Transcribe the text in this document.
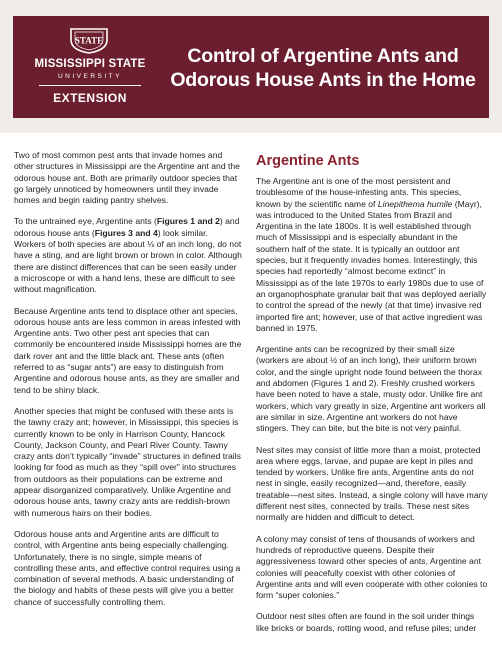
STATE
MISSISSIPPI STATE
UNIVERSITY
EXTENSION
Control of Argentine Ants and
Odorous House Ants in the Home

Two of most common pest ants that invade homes and other structures in Mississippi are the Argentine ant and the odorous house ant. Both are primarily outdoor species that go largely unnoticed by homeowners until they invade homes and begin raiding pantry shelves.

To the untrained eye, Argentine ants (Figures 1 and 2) and odorous house ants (Figures 3 and 4) look similar. Workers of both species are about ⅛ of an inch long, do not have a sting, and are light brown or brown in color. Although there are distinct differences that can be seen easily under a microscope or with a hand lens, these are difficult to see without magnification.

Because Argentine ants tend to displace other ant species, odorous house ants are less common in areas infested with Argentine ants. Two other pest ant species that can commonly be encountered inside Mississippi homes are the dark rover ant and the little black ant. These ants (often referred to as “sugar ants”) are easy to distinguish from Argentine and odorous house ants, as they are smaller and tend to be shiny black.

Another species that might be confused with these ants is the tawny crazy ant; however, in Mississippi, this species is currently known to be only in Harrison County, Hancock County, Jackson County, and Pearl River County. Tawny crazy ants don’t typically “invade” structures in defined trails looking for food as much as they “spill over” into structures from outdoors as their populations can be extreme and appear disorganized comparatively. Unlike Argentine and odorous house ants, tawny crazy ants are reddish-brown with numerous hairs on their bodies.

Odorous house ants and Argentine ants are difficult to control, with Argentine ants being especially challenging. Unfortunately, there is no single, simple means of controlling these ants, and effective control requires using a combination of several methods. A basic understanding of the biology and habits of these pests will give you a better chance of successfully controlling them.

Argentine Ants

The Argentine ant is one of the most persistent and troublesome of the house-infesting ants. This species, known by the scientific name of Linepithema humile (Mayr), was introduced to the United States from Brazil and Argentina in the late 1800s. It is well established through much of Mississippi and is especially abundant in the southern half of the state. It is typically an outdoor ant species, but it frequently invades homes. Interestingly, this species had reportedly “almost become extinct” in Mississippi as of the late 1970s to early 1980s due to use of an organophosphate granular bait that was deployed aerially to control the spread of the newly (at that time) invasive red imported fire ant; however, use of that active ingredient was banned in 1975.

Argentine ants can be recognized by their small size (workers are about ½ of an inch long), their uniform brown color, and the single upright node found between the thorax and abdomen (Figures 1 and 2). Freshly crushed workers have been noted to have a stale, musty odor. Unlike fire ant workers, which vary greatly in size, Argentine ant workers all are similar in size. Argentine ant workers do not have stingers. They can bite, but the bite is not very painful.

Nest sites may consist of little more than a moist, protected area where eggs, larvae, and pupae are kept in piles and tended by workers. Unlike fire ants, Argentine ants do not nest in single, easily recognized—and, therefore, easily treatable—nest sites. Instead, a single colony will have many different nest sites, connected by trails. These nest sites normally are hidden and difficult to detect.

A colony may consist of tens of thousands of workers and hundreds of reproductive queens. Despite their aggressiveness toward other species of ants, Argentine ant colonies will peacefully coexist with other colonies of Argentine ants and will even cooperate with other colonies to form “super colonies.”

Outdoor nest sites often are found in the soil under things like bricks or boards, rotting wood, and refuse piles; under
